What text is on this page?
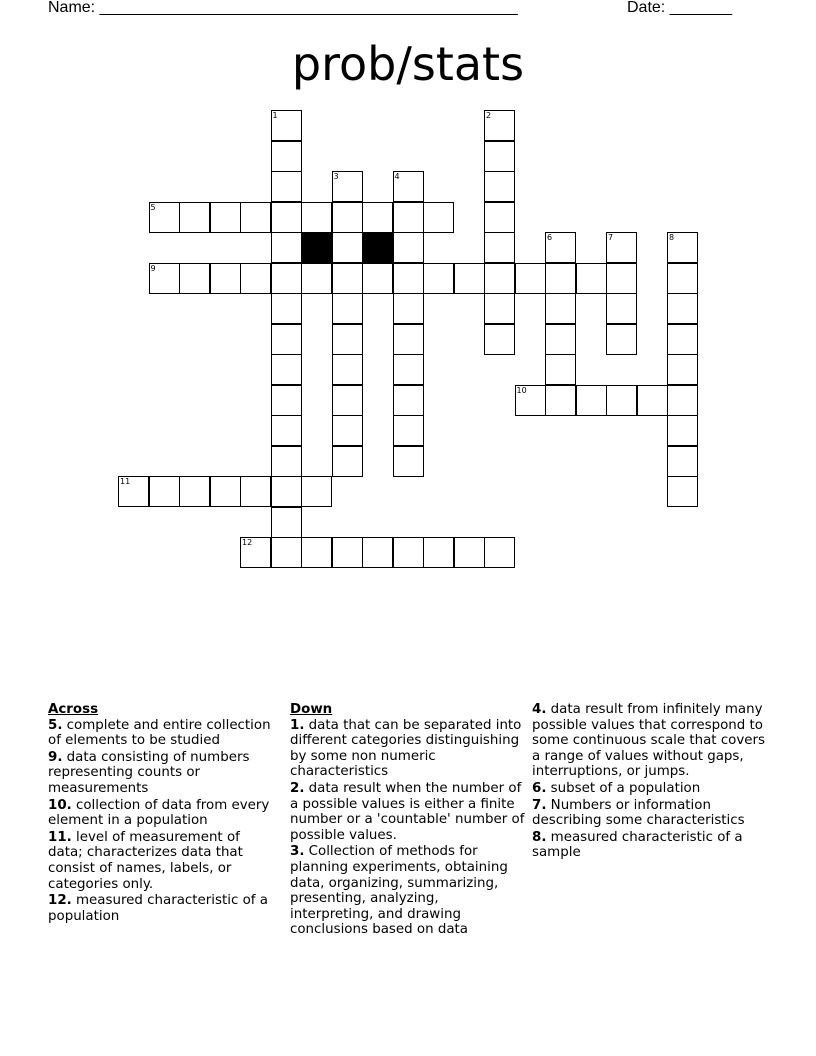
Name: _______________________________________________	Date: _______
prob/stats
1	2
3	4
5
6	7	8
9
10
11
12
Across
5. complete and entire collection of elements to be studied
9. data consisting of numbers representing counts or measurements
10. collection of data from every element in a population
11. level of measurement of data; characterizes data that consist of names, labels, or categories only.
12. measured characteristic of a population
Down
1. data that can be separated into different categories distinguishing by some non numeric characteristics
2. data result when the number of a possible values is either a finite number or a 'countable' number of possible values.
3. Collection of methods for planning experiments, obtaining data, organizing, summarizing, presenting, analyzing, interpreting, and drawing conclusions based on data
4. data result from infinitely many possible values that correspond to some continuous scale that covers a range of values without gaps, interruptions, or jumps.
6. subset of a population
7. Numbers or information describing some characteristics
8. measured characteristic of a sample
